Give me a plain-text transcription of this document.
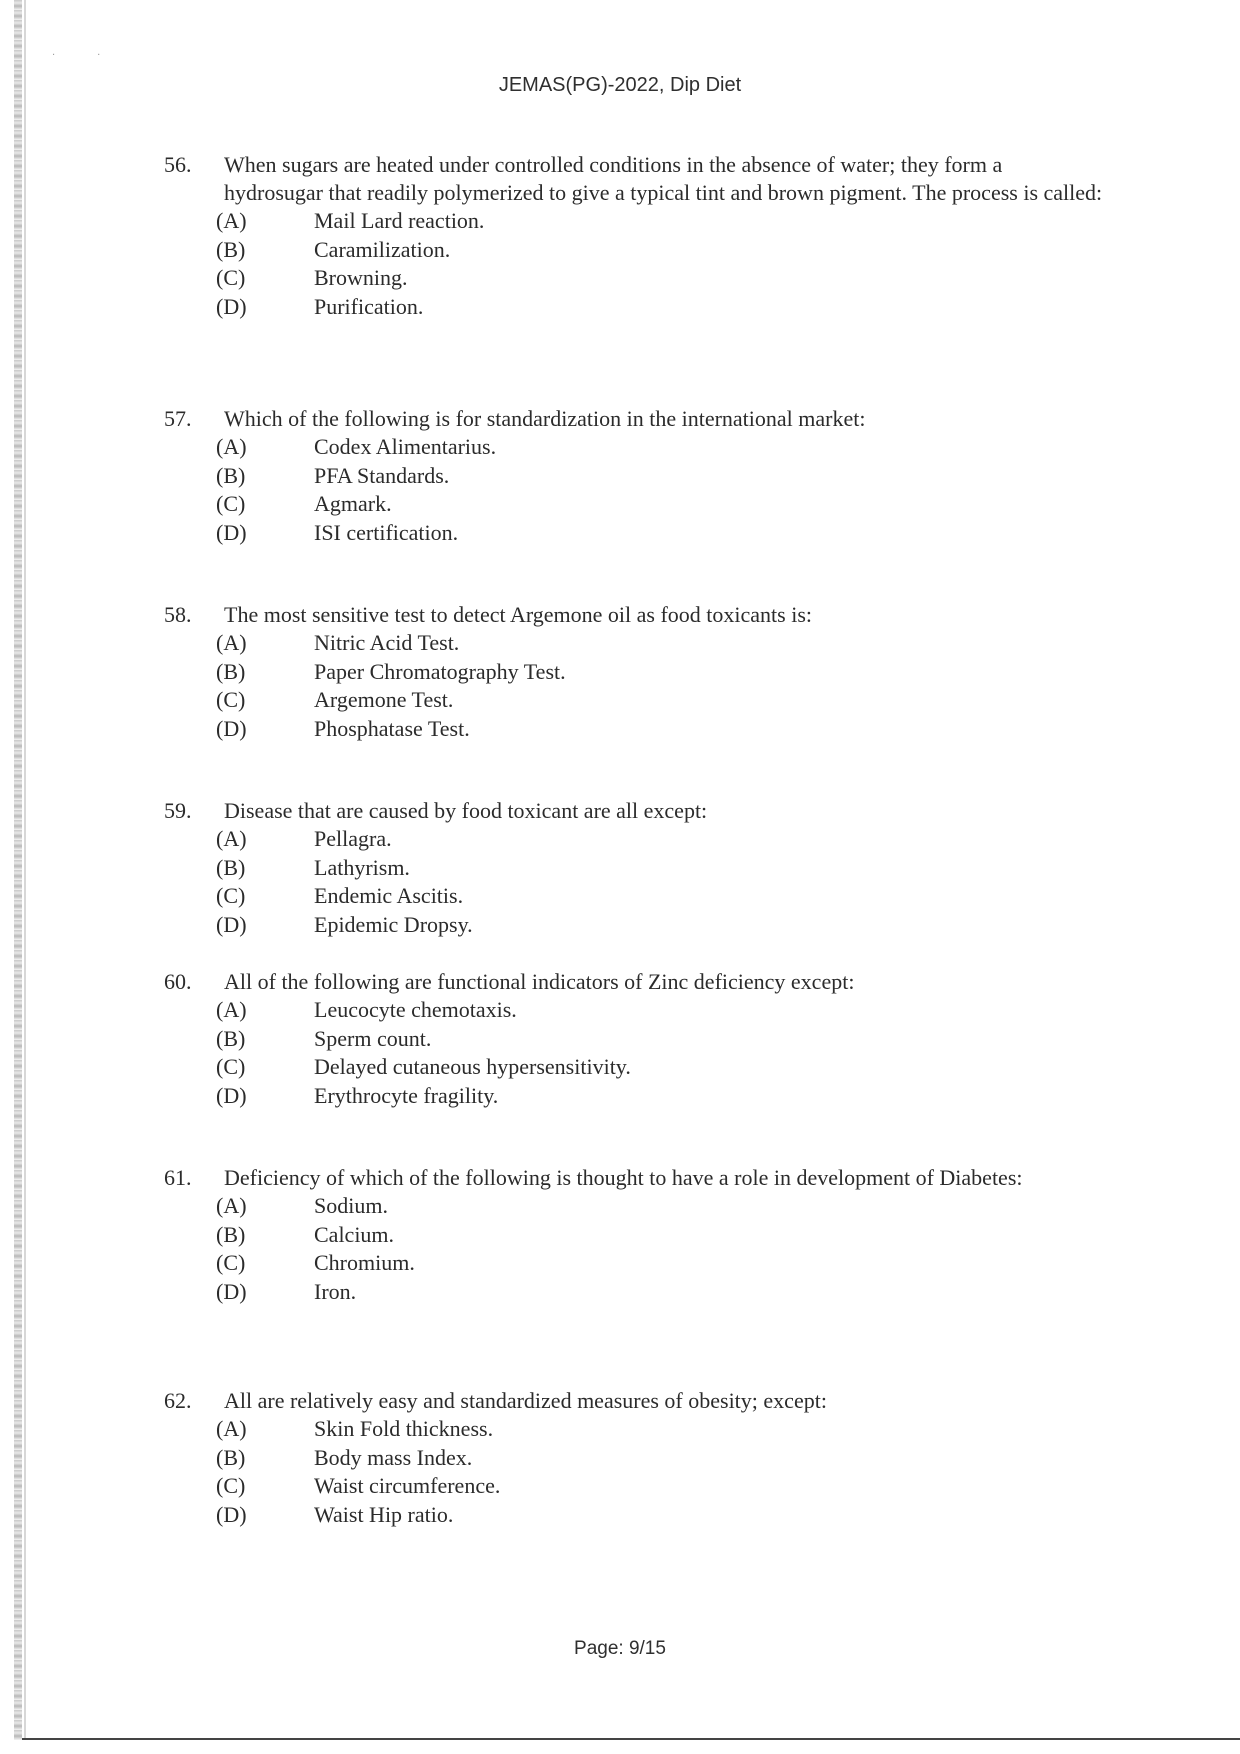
· ·
JEMAS(PG)-2022, Dip Diet
56.	When sugars are heated under controlled conditions in the absence of water; they form a hydrosugar that readily polymerized to give a typical tint and brown pigment. The process is called:
(A)	Mail Lard reaction.
(B)	Caramilization.
(C)	Browning.
(D)	Purification.
57.	Which of the following is for standardization in the international market:
(A)	Codex Alimentarius.
(B)	PFA Standards.
(C)	Agmark.
(D)	ISI certification.
58.	The most sensitive test to detect Argemone oil as food toxicants is:
(A)	Nitric Acid Test.
(B)	Paper Chromatography Test.
(C)	Argemone Test.
(D)	Phosphatase Test.
59.	Disease that are caused by food toxicant are all except:
(A)	Pellagra.
(B)	Lathyrism.
(C)	Endemic Ascitis.
(D)	Epidemic Dropsy.
60.	All of the following are functional indicators of Zinc deficiency except:
(A)	Leucocyte chemotaxis.
(B)	Sperm count.
(C)	Delayed cutaneous hypersensitivity.
(D)	Erythrocyte fragility.
61.	Deficiency of which of the following is thought to have a role in development of Diabetes:
(A)	Sodium.
(B)	Calcium.
(C)	Chromium.
(D)	Iron.
62.	All are relatively easy and standardized measures of obesity; except:
(A)	Skin Fold thickness.
(B)	Body mass Index.
(C)	Waist circumference.
(D)	Waist Hip ratio.
Page: 9/15
